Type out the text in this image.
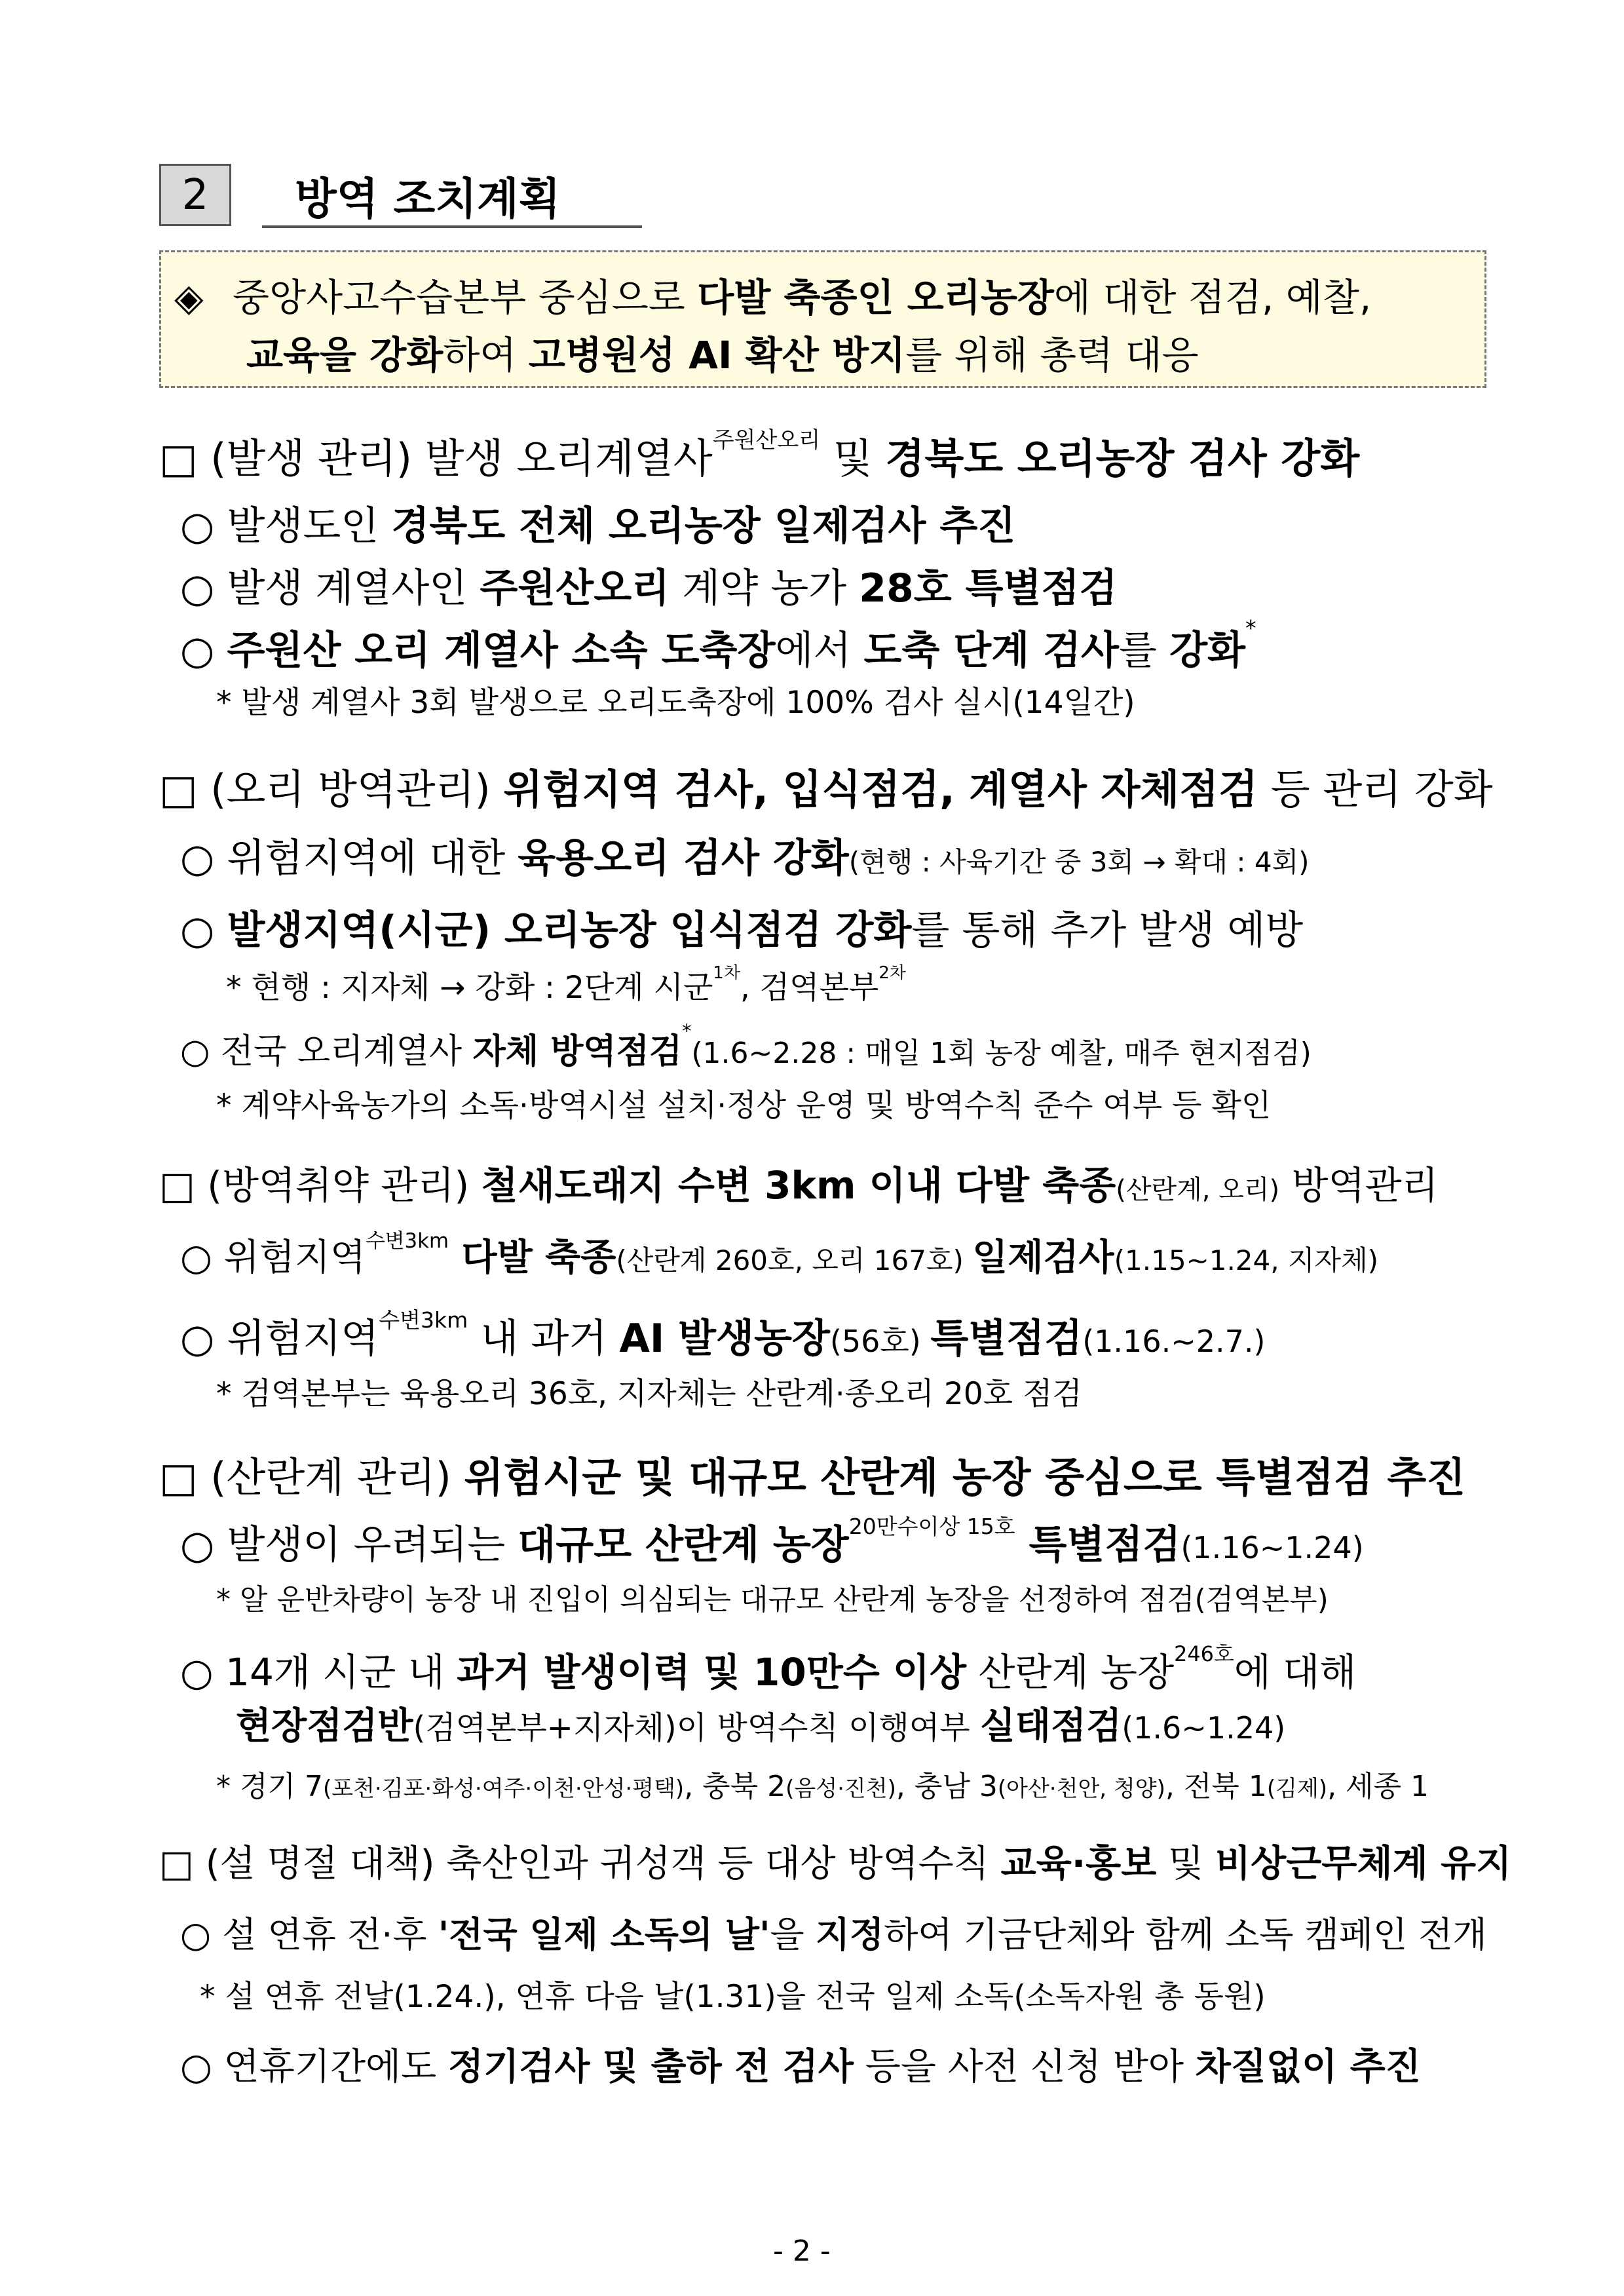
2	방역 조치계획
◈ 중앙사고수습본부 중심으로 다발 축종인 오리농장에 대한 점검, 예찰,
교육을 강화하여 고병원성 AI 확산 방지를 위해 총력 대응
□ (발생 관리) 발생 오리계열사$^{주원산오리}$ 및 경북도 오리농장 검사 강화
○ 발생도인 경북도 전체 오리농장 일제검사 추진
○ 발생 계열사인 주원산오리 계약 농가 28호 특별점검
○ 주원산 오리 계열사 소속 도축장에서 도축 단계 검사를 강화*
* 발생 계열사 3회 발생으로 오리도축장에 100% 검사 실시(14일간)
□ (오리 방역관리) 위험지역 검사, 입식점검, 계열사 자체점검 등 관리 강화
○ 위험지역에 대한 육용오리 검사 강화(현행 : 사육기간 중 3회 → 확대 : 4회)
○ 발생지역(시군) 오리농장 입식점검 강화를 통해 추가 발생 예방
* 현행 : 지자체 → 강화 : 2단계 시군$^{1차}$, 검역본부$^{2차}$
○ 전국 오리계열사 자체 방역점검*(1.6∼2.28 : 매일 1회 농장 예찰, 매주 현지점검)
* 계약사육농가의 소독·방역시설 설치·정상 운영 및 방역수칙 준수 여부 등 확인
□ (방역취약 관리) 철새도래지 수변 3km 이내 다발 축종(산란계, 오리) 방역관리
○ 위험지역$^{수변3km}$ 다발 축종(산란계 260호, 오리 167호) 일제검사(1.15∼1.24, 지자체)
○ 위험지역$^{수변3km}$ 내 과거 AI 발생농장(56호) 특별점검(1.16.~2.7.)
* 검역본부는 육용오리 36호, 지자체는 산란계·종오리 20호 점검
□ (산란계 관리) 위험시군 및 대규모 산란계 농장 중심으로 특별점검 추진
○ 발생이 우려되는 대규모 산란계 농장$^{20만수이상 15호}$ 특별점검(1.16∼1.24)
* 알 운반차량이 농장 내 진입이 의심되는 대규모 산란계 농장을 선정하여 점검(검역본부)
○ 14개 시군 내 과거 발생이력 및 10만수 이상 산란계 농장$^{246호}$에 대해
현장점검반(검역본부+지자체)이 방역수칙 이행여부 실태점검(1.6∼1.24)
* 경기 7(포천·김포·화성·여주·이천·안성·평택), 충북 2(음성·진천), 충남 3(아산·천안, 청양), 전북 1(김제), 세종 1
□ (설 명절 대책) 축산인과 귀성객 등 대상 방역수칙 교육·홍보 및 비상근무체계 유지
○ 설 연휴 전·후 '전국 일제 소독의 날'을 지정하여 기금단체와 함께 소독 캠페인 전개
* 설 연휴 전날(1.24.), 연휴 다음 날(1.31)을 전국 일제 소독(소독자원 총 동원)
○ 연휴기간에도 정기검사 및 출하 전 검사 등을 사전 신청 받아 차질없이 추진
- 2 -
